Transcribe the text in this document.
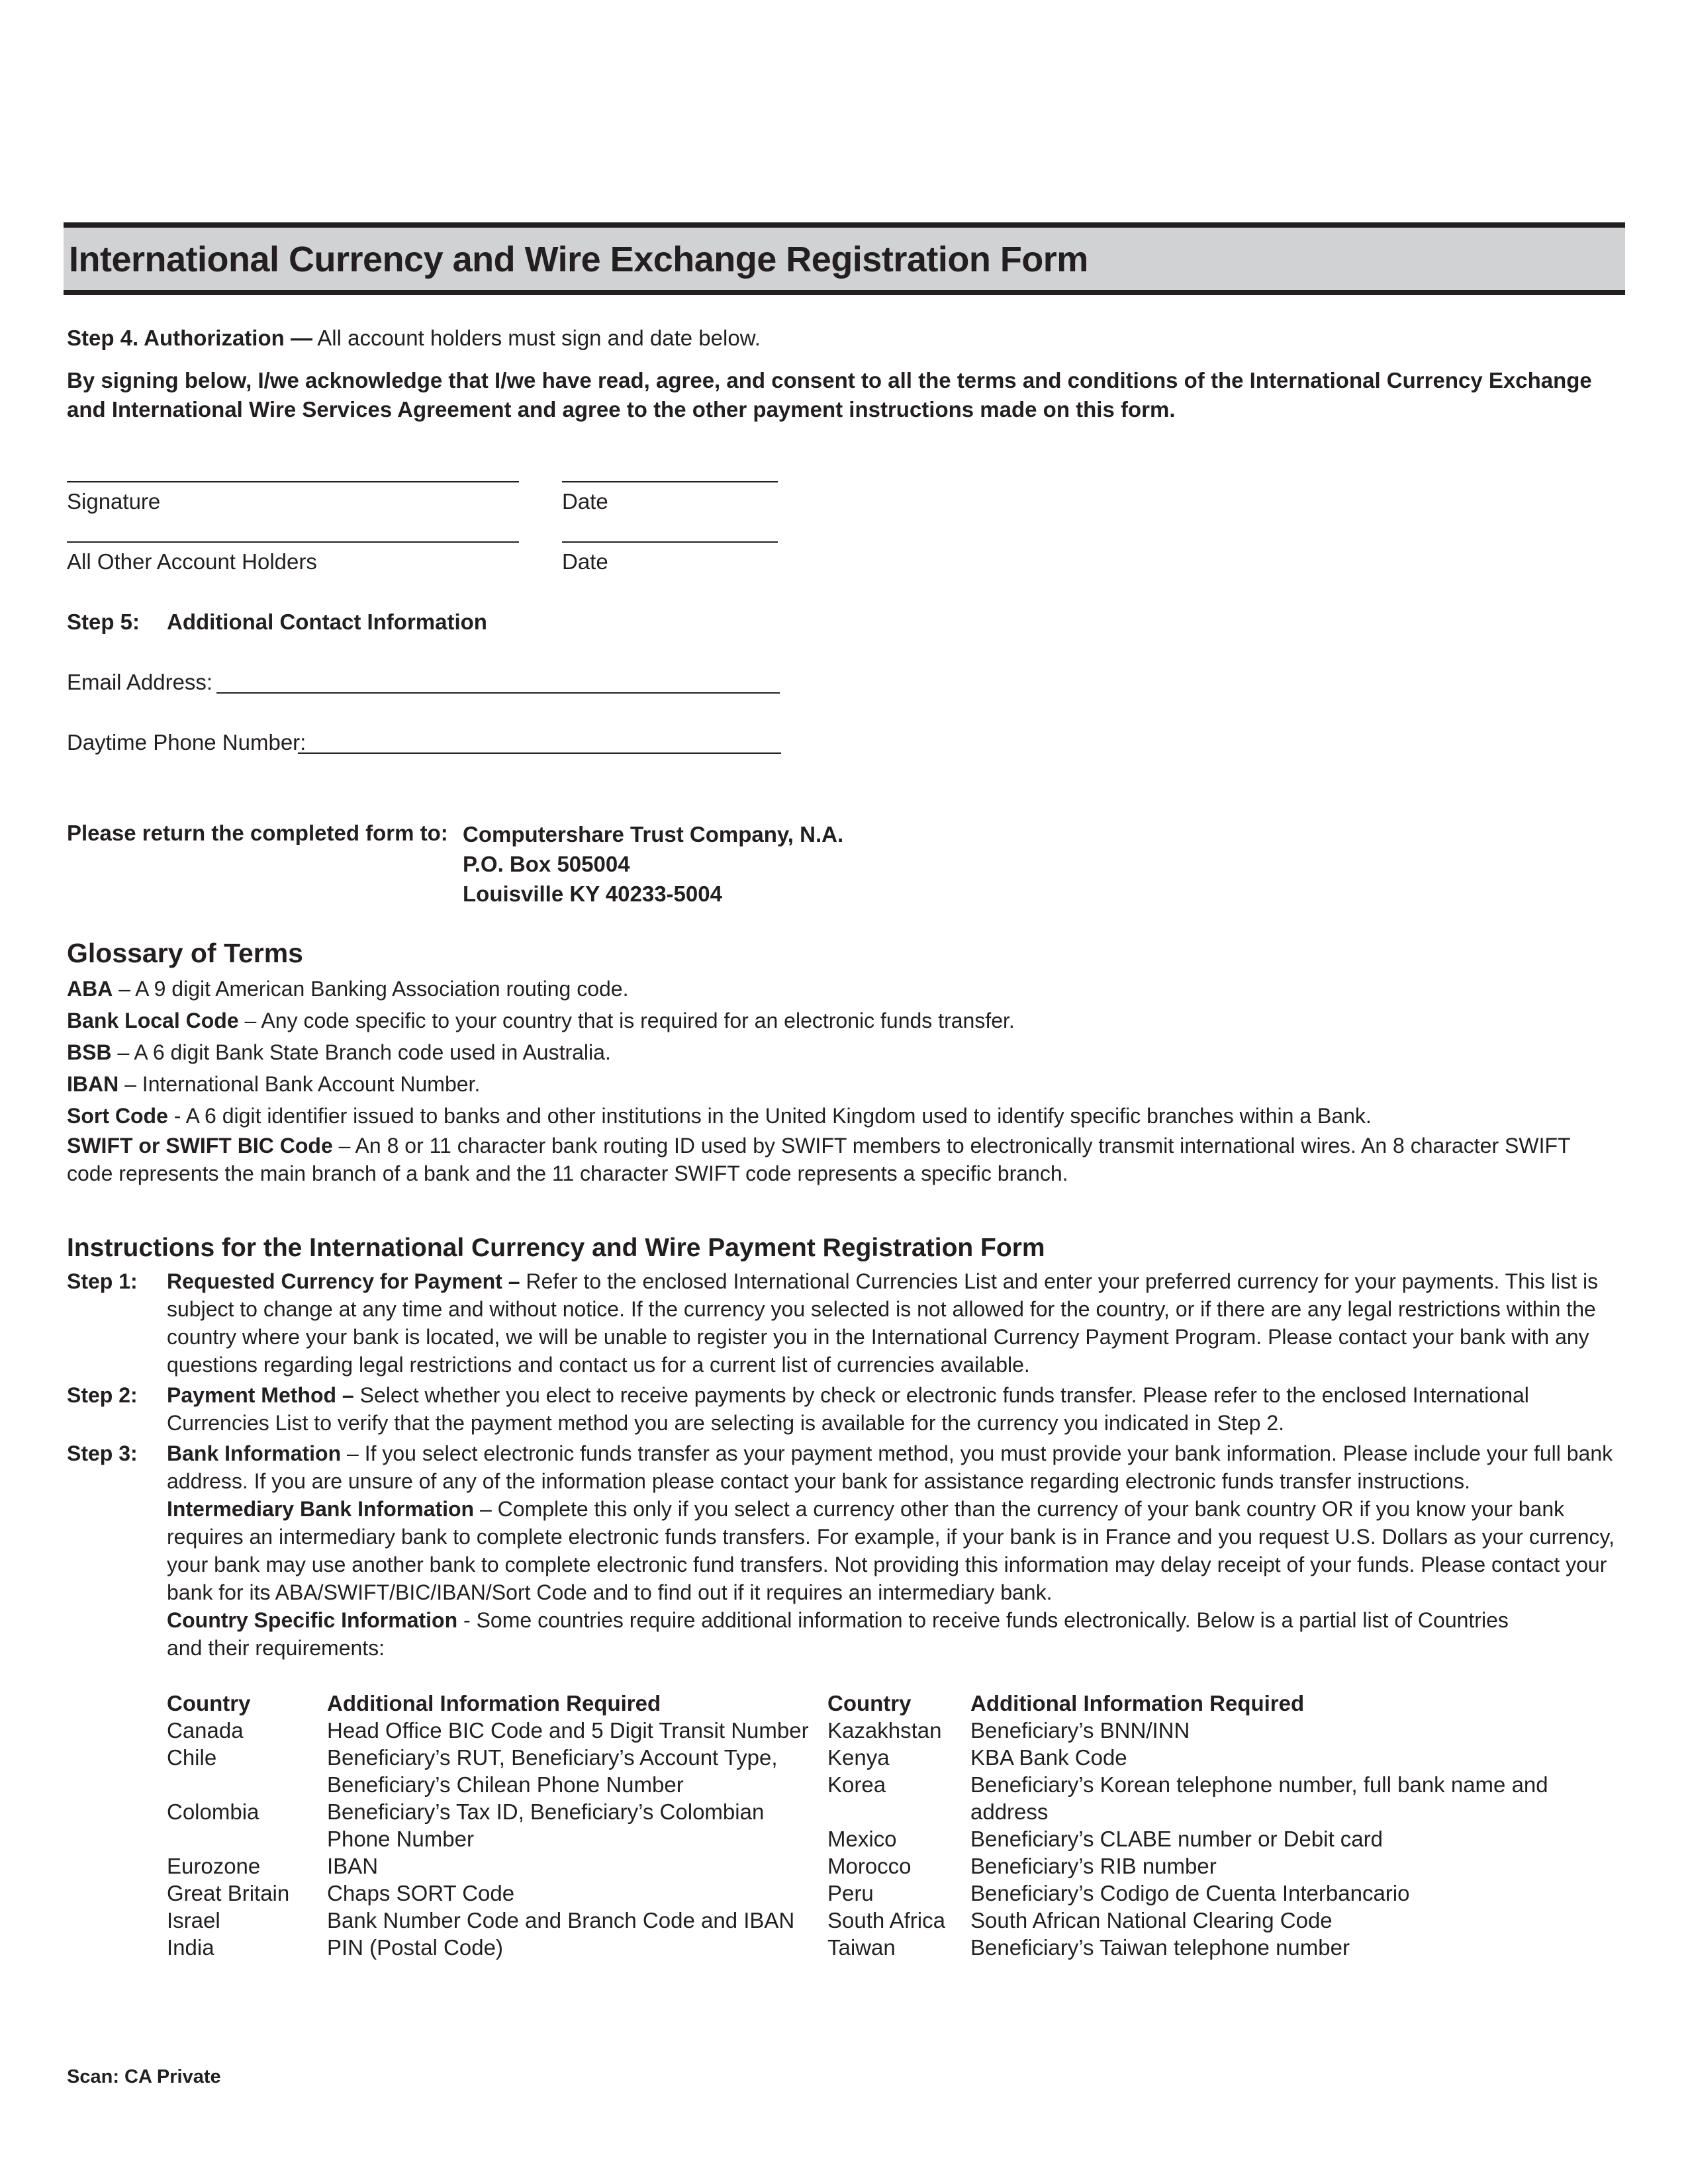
International Currency and Wire Exchange Registration Form
Step 4. Authorization — All account holders must sign and date below.
By signing below, I/we acknowledge that I/we have read, agree, and consent to all the terms and conditions of the International Currency Exchange and International Wire Services Agreement and agree to the other payment instructions made on this form.
Signature	Date
All Other Account Holders	Date
Step 5: Additional Contact Information
Email Address:
Daytime Phone Number:
Please return the completed form to: Computershare Trust Company, N.A.
P.O. Box 505004
Louisville KY 40233-5004
Glossary of Terms
ABA – A 9 digit American Banking Association routing code.
Bank Local Code – Any code specific to your country that is required for an electronic funds transfer.
BSB – A 6 digit Bank State Branch code used in Australia.
IBAN – International Bank Account Number.
Sort Code - A 6 digit identifier issued to banks and other institutions in the United Kingdom used to identify specific branches within a Bank.
SWIFT or SWIFT BIC Code – An 8 or 11 character bank routing ID used by SWIFT members to electronically transmit international wires. An 8 character SWIFT code represents the main branch of a bank and the 11 character SWIFT code represents a specific branch.
Instructions for the International Currency and Wire Payment Registration Form
Step 1:	Requested Currency for Payment – Refer to the enclosed International Currencies List and enter your preferred currency for your payments. This list is subject to change at any time and without notice. If the currency you selected is not allowed for the country, or if there are any legal restrictions within the country where your bank is located, we will be unable to register you in the International Currency Payment Program. Please contact your bank with any questions regarding legal restrictions and contact us for a current list of currencies available.
Step 2:	Payment Method – Select whether you elect to receive payments by check or electronic funds transfer. Please refer to the enclosed International Currencies List to verify that the payment method you are selecting is available for the currency you indicated in Step 2.
Step 3:	Bank Information – If you select electronic funds transfer as your payment method, you must provide your bank information. Please include your full bank address. If you are unsure of any of the information please contact your bank for assistance regarding electronic funds transfer instructions.
Intermediary Bank Information – Complete this only if you select a currency other than the currency of your bank country OR if you know your bank requires an intermediary bank to complete electronic funds transfers. For example, if your bank is in France and you request U.S. Dollars as your currency, your bank may use another bank to complete electronic fund transfers. Not providing this information may delay receipt of your funds. Please contact your bank for its ABA/SWIFT/BIC/IBAN/Sort Code and to find out if it requires an intermediary bank.
Country Specific Information - Some countries require additional information to receive funds electronically. Below is a partial list of Countries and their requirements:
Country	Additional Information Required
Canada	Head Office BIC Code and 5 Digit Transit Number
Chile	Beneficiary’s RUT, Beneficiary’s Account Type, Beneficiary’s Chilean Phone Number
Colombia	Beneficiary’s Tax ID, Beneficiary’s Colombian Phone Number
Eurozone	IBAN
Great Britain	Chaps SORT Code
Israel	Bank Number Code and Branch Code and IBAN
India	PIN (Postal Code)
Country	Additional Information Required
Kazakhstan	Beneficiary’s BNN/INN
Kenya	KBA Bank Code
Korea	Beneficiary’s Korean telephone number, full bank name and address
Mexico	Beneficiary’s CLABE number or Debit card
Morocco	Beneficiary’s RIB number
Peru	Beneficiary’s Codigo de Cuenta Interbancario
South Africa	South African National Clearing Code
Taiwan	Beneficiary’s Taiwan telephone number
Scan: CA Private
